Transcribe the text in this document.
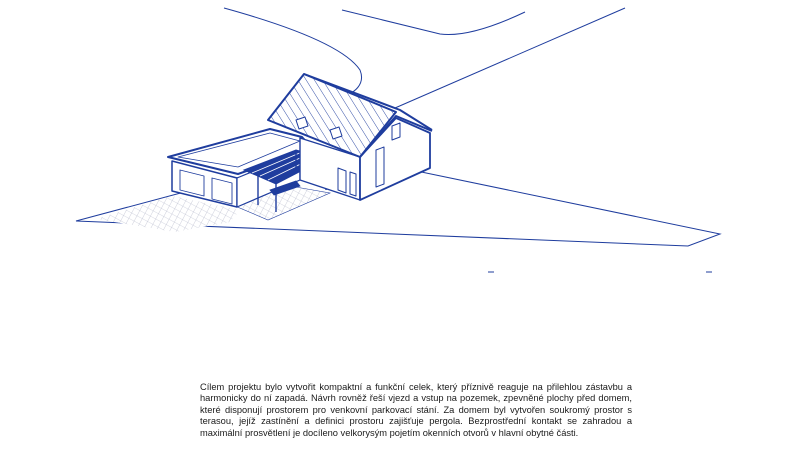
Cílem projektu bylo vytvořit kompaktní a funkční celek, který příznivě reaguje na přilehlou zástavbu a harmonicky do ní zapadá. Návrh rovněž řeší vjezd a vstup na pozemek, zpevněné plochy před domem, které disponují prostorem pro venkovní parkovací stání. Za domem byl vytvořen soukromý prostor s terasou, jejíž zastínění a definici prostoru zajišťuje pergola. Bezprostřední kontakt se zahradou a maximální prosvětlení je docíleno velkorysým pojetím okenních otvorů v hlavní obytné části.
